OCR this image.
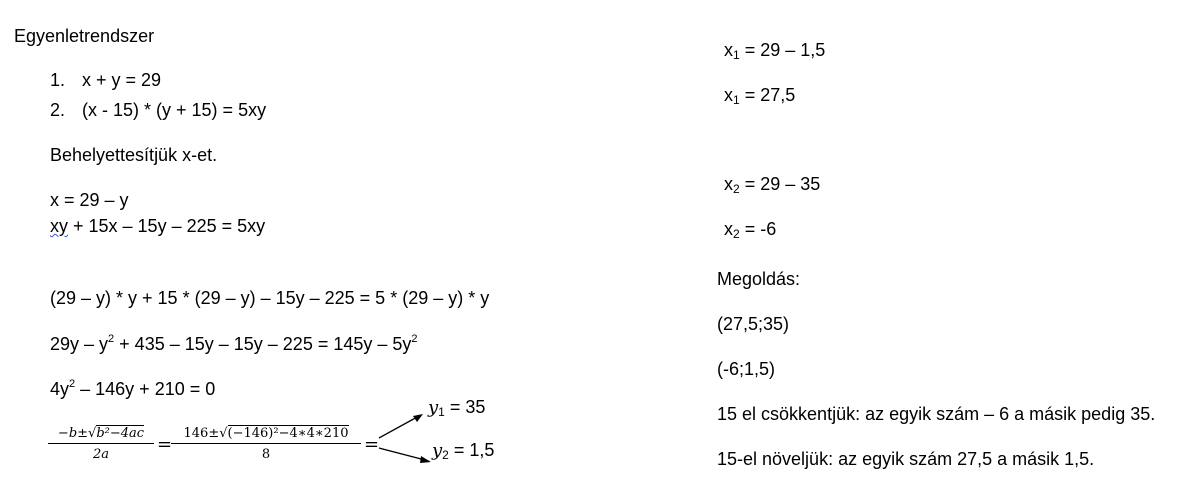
Egyenletrendszer
1. x + y = 29
2. (x - 15) * (y + 15) = 5xy
Behelyettesítjük x-et.
x = 29 – y
xy + 15x – 15y – 225 = 5xy
(29 – y) * y + 15 * (29 – y) – 15y – 225 = 5 * (29 – y) * y
$29y - y^2 + 435 - 15y - 15y - 225 = 145y - 5y^2$
$4y^2 - 146y + 210 = 0$
−b±√b²−4ac
2a	=
146±√(−146)²−4∗4∗210
8	=
$y_1 = 35$
$y_2 = 1,5$
$x_1 = 29 - 1,5$
$x_1 = 27,5$
$x_2 = 29 - 35$
$x_2 = -6$
Megoldás:
(27,5;35)
(-6;1,5)
15 el csökkentjük: az egyik szám – 6 a másik pedig 35.
15-el növeljük: az egyik szám 27,5 a másik 1,5.
